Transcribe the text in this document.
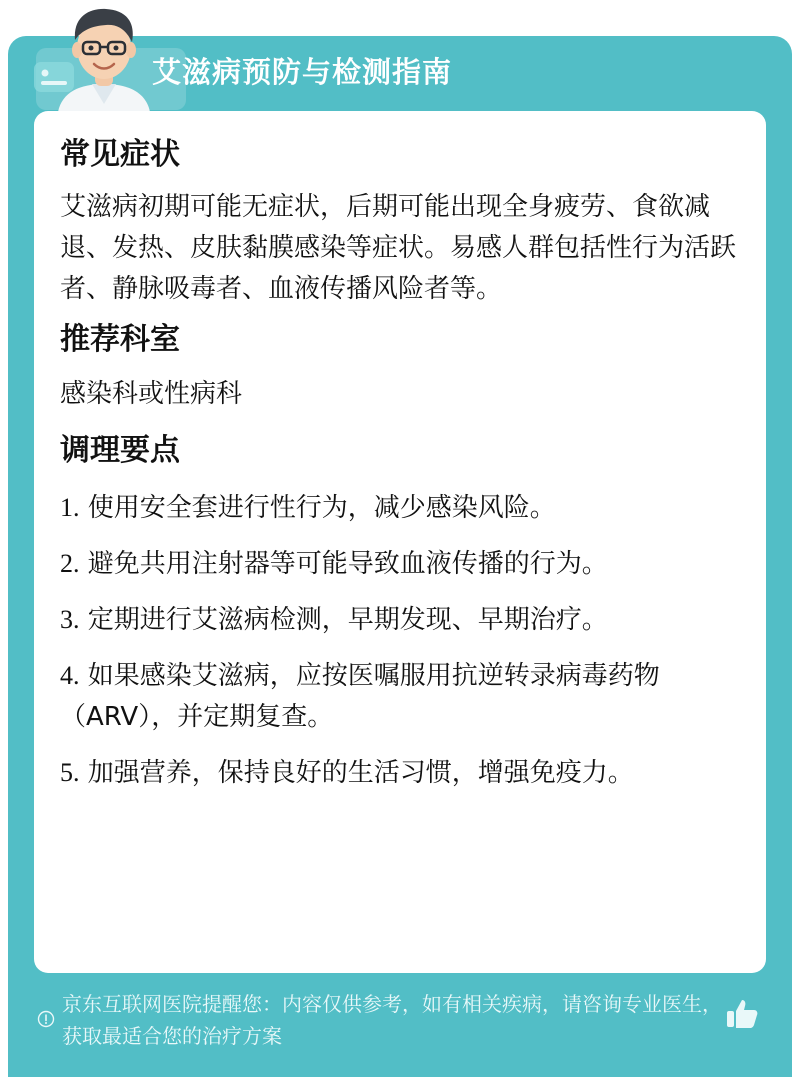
艾滋病预防与检测指南
常见症状

艾滋病初期可能无症状，后期可能出现全身疲劳、食欲减退、发热、皮肤黏膜感染等症状。易感人群包括性行为活跃者、静脉吸毒者、血液传播风险者等。

推荐科室

感染科或性病科

调理要点

1. 使用安全套进行性行为，减少感染风险。

2. 避免共用注射器等可能导致血液传播的行为。

3. 定期进行艾滋病检测，早期发现、早期治疗。

4. 如果感染艾滋病，应按医嘱服用抗逆转录病毒药物（ARV），并定期复查。

5. 加强营养，保持良好的生活习惯，增强免疫力。

京东互联网医院提醒您：内容仅供参考，如有相关疾病，请咨询专业医生，获取最适合您的治疗方案
